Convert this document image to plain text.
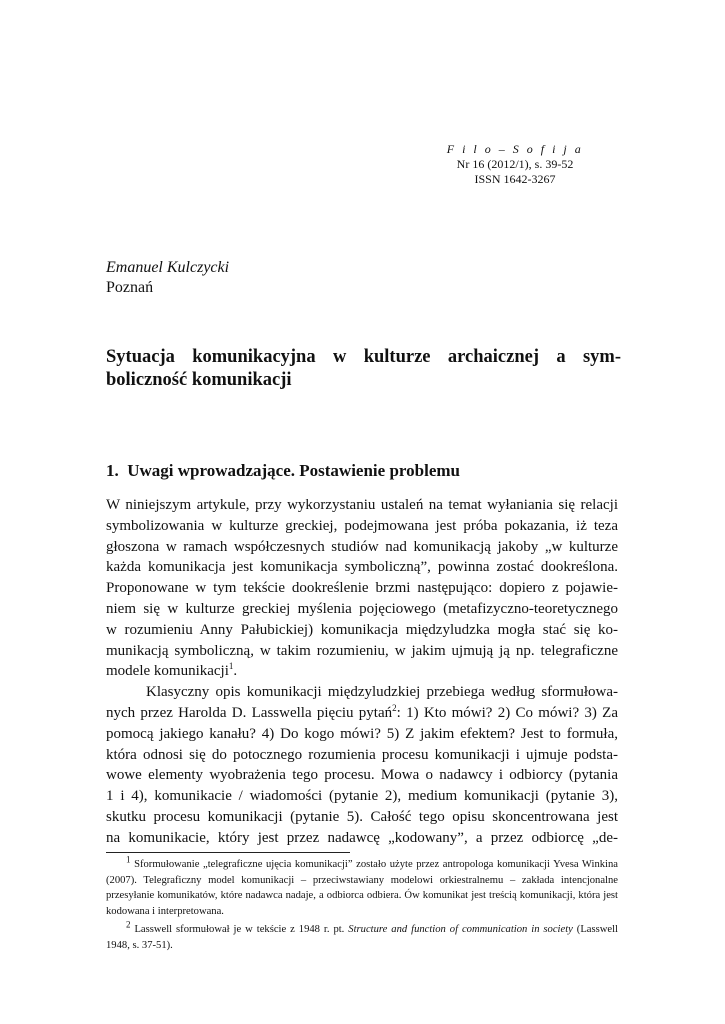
F i l o – S o f i j a
Nr 16 (2012/1), s. 39-52
ISSN 1642-3267
Emanuel Kulczycki
Poznań
Sytuacja komunikacyjna w kulturze archaicznej a sym-
boliczność komunikacji
1. Uwagi wprowadzające. Postawienie problemu

W niniejszym artykule, przy wykorzystaniu ustaleń na temat wyłaniania się relacji
symbolizowania w kulturze greckiej, podejmowana jest próba pokazania, iż teza
głoszona w ramach współczesnych studiów nad komunikacją jakoby „w kulturze
każda komunikacja jest komunikacja symboliczną”, powinna zostać dookreślona.
Proponowane w tym tekście dookreślenie brzmi następująco: dopiero z pojawie-
niem się w kulturze greckiej myślenia pojęciowego (metafizyczno-teoretycznego
w rozumieniu Anny Pałubickiej) komunikacja międzyludzka mogła stać się ko-
munikacją symboliczną, w takim rozumieniu, w jakim ujmują ją np. telegraficzne
modele komunikacji$^1$.

Klasyczny opis komunikacji międzyludzkiej przebiega według sformułowa-
nych przez Harolda D. Lasswella pięciu pytań$^2$: 1) Kto mówi? 2) Co mówi? 3) Za
pomocą jakiego kanału? 4) Do kogo mówi? 5) Z jakim efektem? Jest to formuła,
która odnosi się do potocznego rozumienia procesu komunikacji i ujmuje podsta-
wowe elementy wyobrażenia tego procesu. Mowa o nadawcy i odbiorcy (pytania
1 i 4), komunikacie / wiadomości (pytanie 2), medium komunikacji (pytanie 3),
skutku procesu komunikacji (pytanie 5). Całość tego opisu skoncentrowana jest
na komunikacie, który jest przez nadawcę „kodowany”, a przez odbiorcę „de-

$^1$ Sformułowanie „telegraficzne ujęcia komunikacji” zostało użyte przez antropologa komunikacji Yvesa Winkina (2007). Telegraficzny model komunikacji – przeciwstawiany modelowi orkiestralnemu – zakłada intencjonalne przesyłanie komunikatów, które nadawca nadaje, a odbiorca odbiera. Ów komunikat jest treścią komunikacji, która jest kodowana i interpretowana.

$^2$ Lasswell sformułował je w tekście z 1948 r. pt. Structure and function of communication in society (Lasswell 1948, s. 37-51).
